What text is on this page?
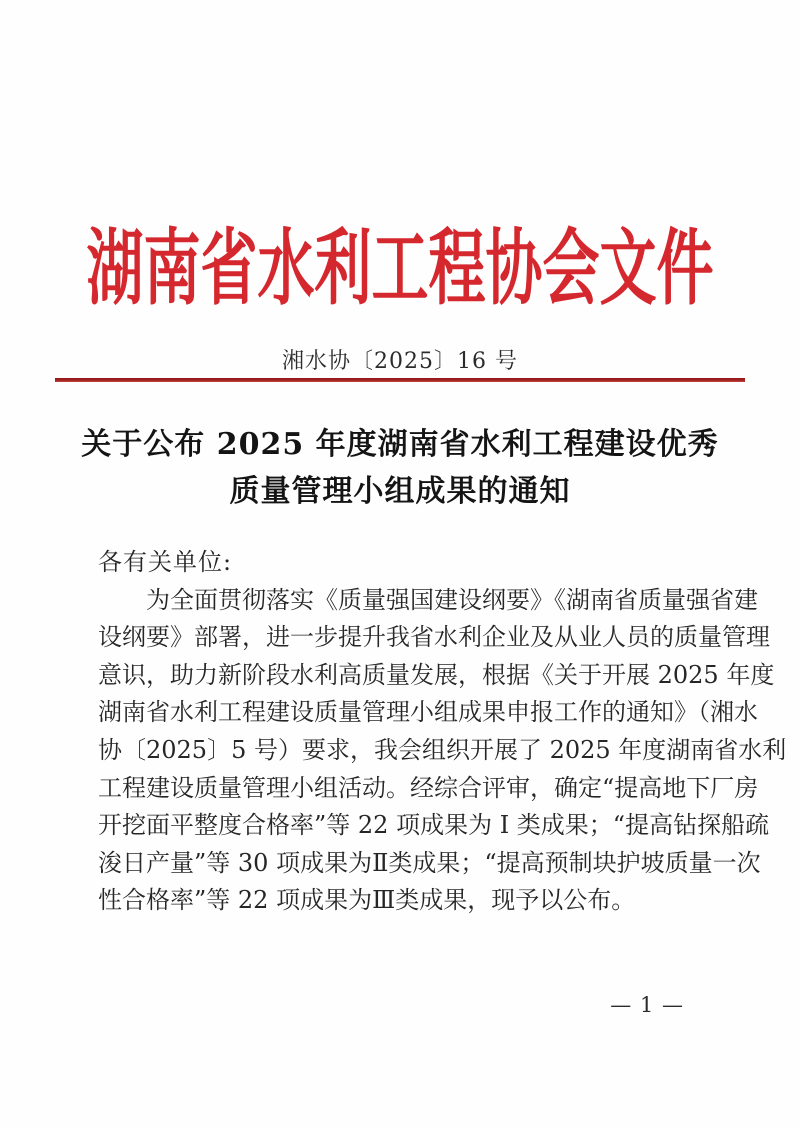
湖南省水利工程协会文件
湘水协〔2025〕16 号
关于公布 2025 年度湖南省水利工程建设优秀
质量管理小组成果的通知
各有关单位:
为全面贯彻落实《质量强国建设纲要》《湖南省质量强省建
设纲要》部署，进一步提升我省水利企业及从业人员的质量管理
意识，助力新阶段水利高质量发展，根据《关于开展 2025 年度
湖南省水利工程建设质量管理小组成果申报工作的通知》（湘水
协〔2025〕5 号）要求，我会组织开展了 2025 年度湖南省水利
工程建设质量管理小组活动。经综合评审，确定“提高地下厂房
开挖面平整度合格率”等 22 项成果为 Ⅰ 类成果；“提高钻探船疏
浚日产量”等 30 项成果为Ⅱ类成果；“提高预制块护坡质量一次
性合格率”等 22 项成果为Ⅲ类成果，现予以公布。
— 1 —
